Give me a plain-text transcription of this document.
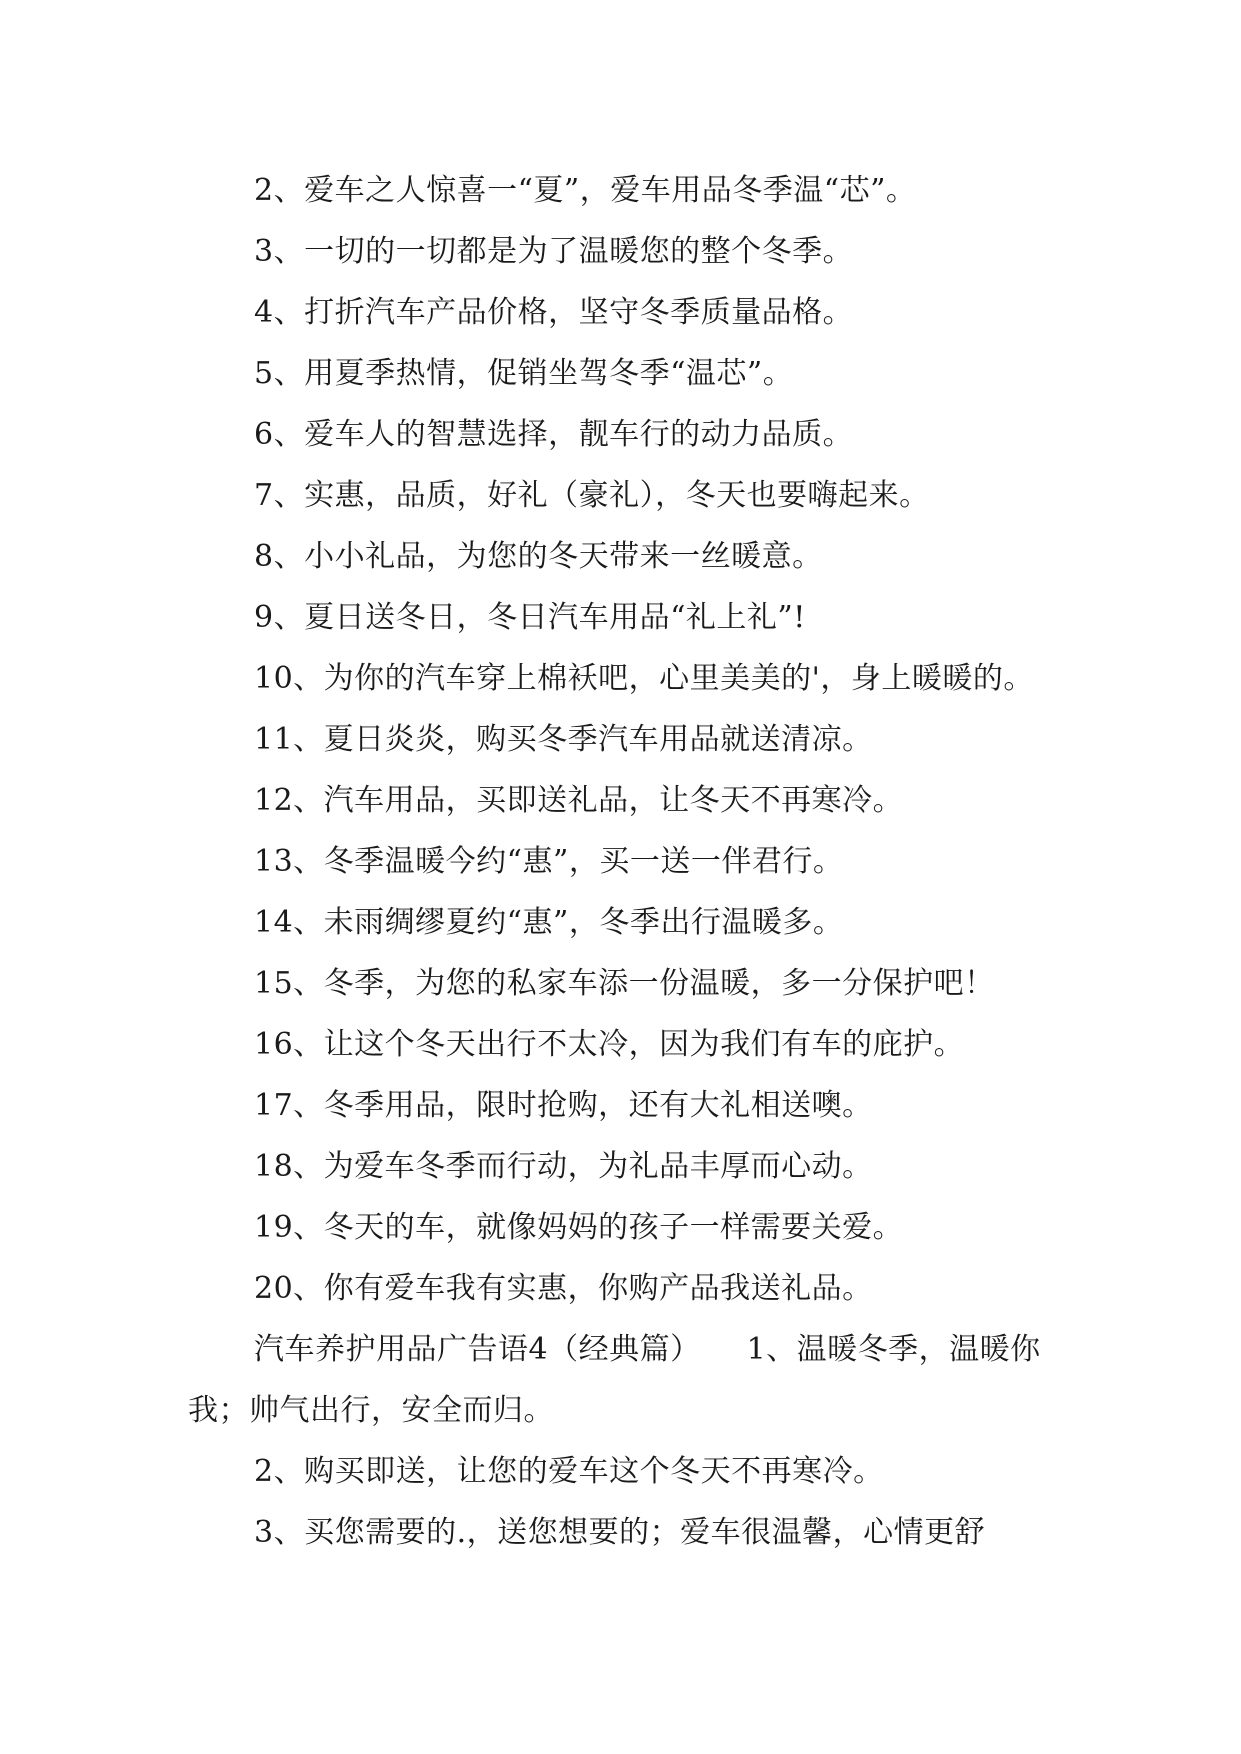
2、爱车之人惊喜一“夏”，爱车用品冬季温“芯”。

3、一切的一切都是为了温暖您的整个冬季。

4、打折汽车产品价格，坚守冬季质量品格。

5、用夏季热情，促销坐驾冬季“温芯”。

6、爱车人的智慧选择，靓车行的动力品质。

7、实惠，品质，好礼（豪礼），冬天也要嗨起来。

8、小小礼品，为您的冬天带来一丝暖意。

9、夏日送冬日，冬日汽车用品“礼上礼”!

10、为你的汽车穿上棉袄吧，心里美美的'，身上暖暖的。

11、夏日炎炎，购买冬季汽车用品就送清凉。

12、汽车用品，买即送礼品，让冬天不再寒冷。

13、冬季温暖今约“惠”，买一送一伴君行。

14、未雨绸缪夏约“惠”，冬季出行温暖多。

15、冬季，为您的私家车添一份温暖，多一分保护吧！

16、让这个冬天出行不太冷，因为我们有车的庇护。

17、冬季用品，限时抢购，还有大礼相送噢。

18、为爱车冬季而行动，为礼品丰厚而心动。

19、冬天的车，就像妈妈的孩子一样需要关爱。

20、你有爱车我有实惠，你购产品我送礼品。

汽车养护用品广告语4（经典篇）　　1、温暖冬季，温暖你我；帅气出行，安全而归。

2、购买即送，让您的爱车这个冬天不再寒冷。

3、买您需要的.，送您想要的；爱车很温馨，心情更舒
